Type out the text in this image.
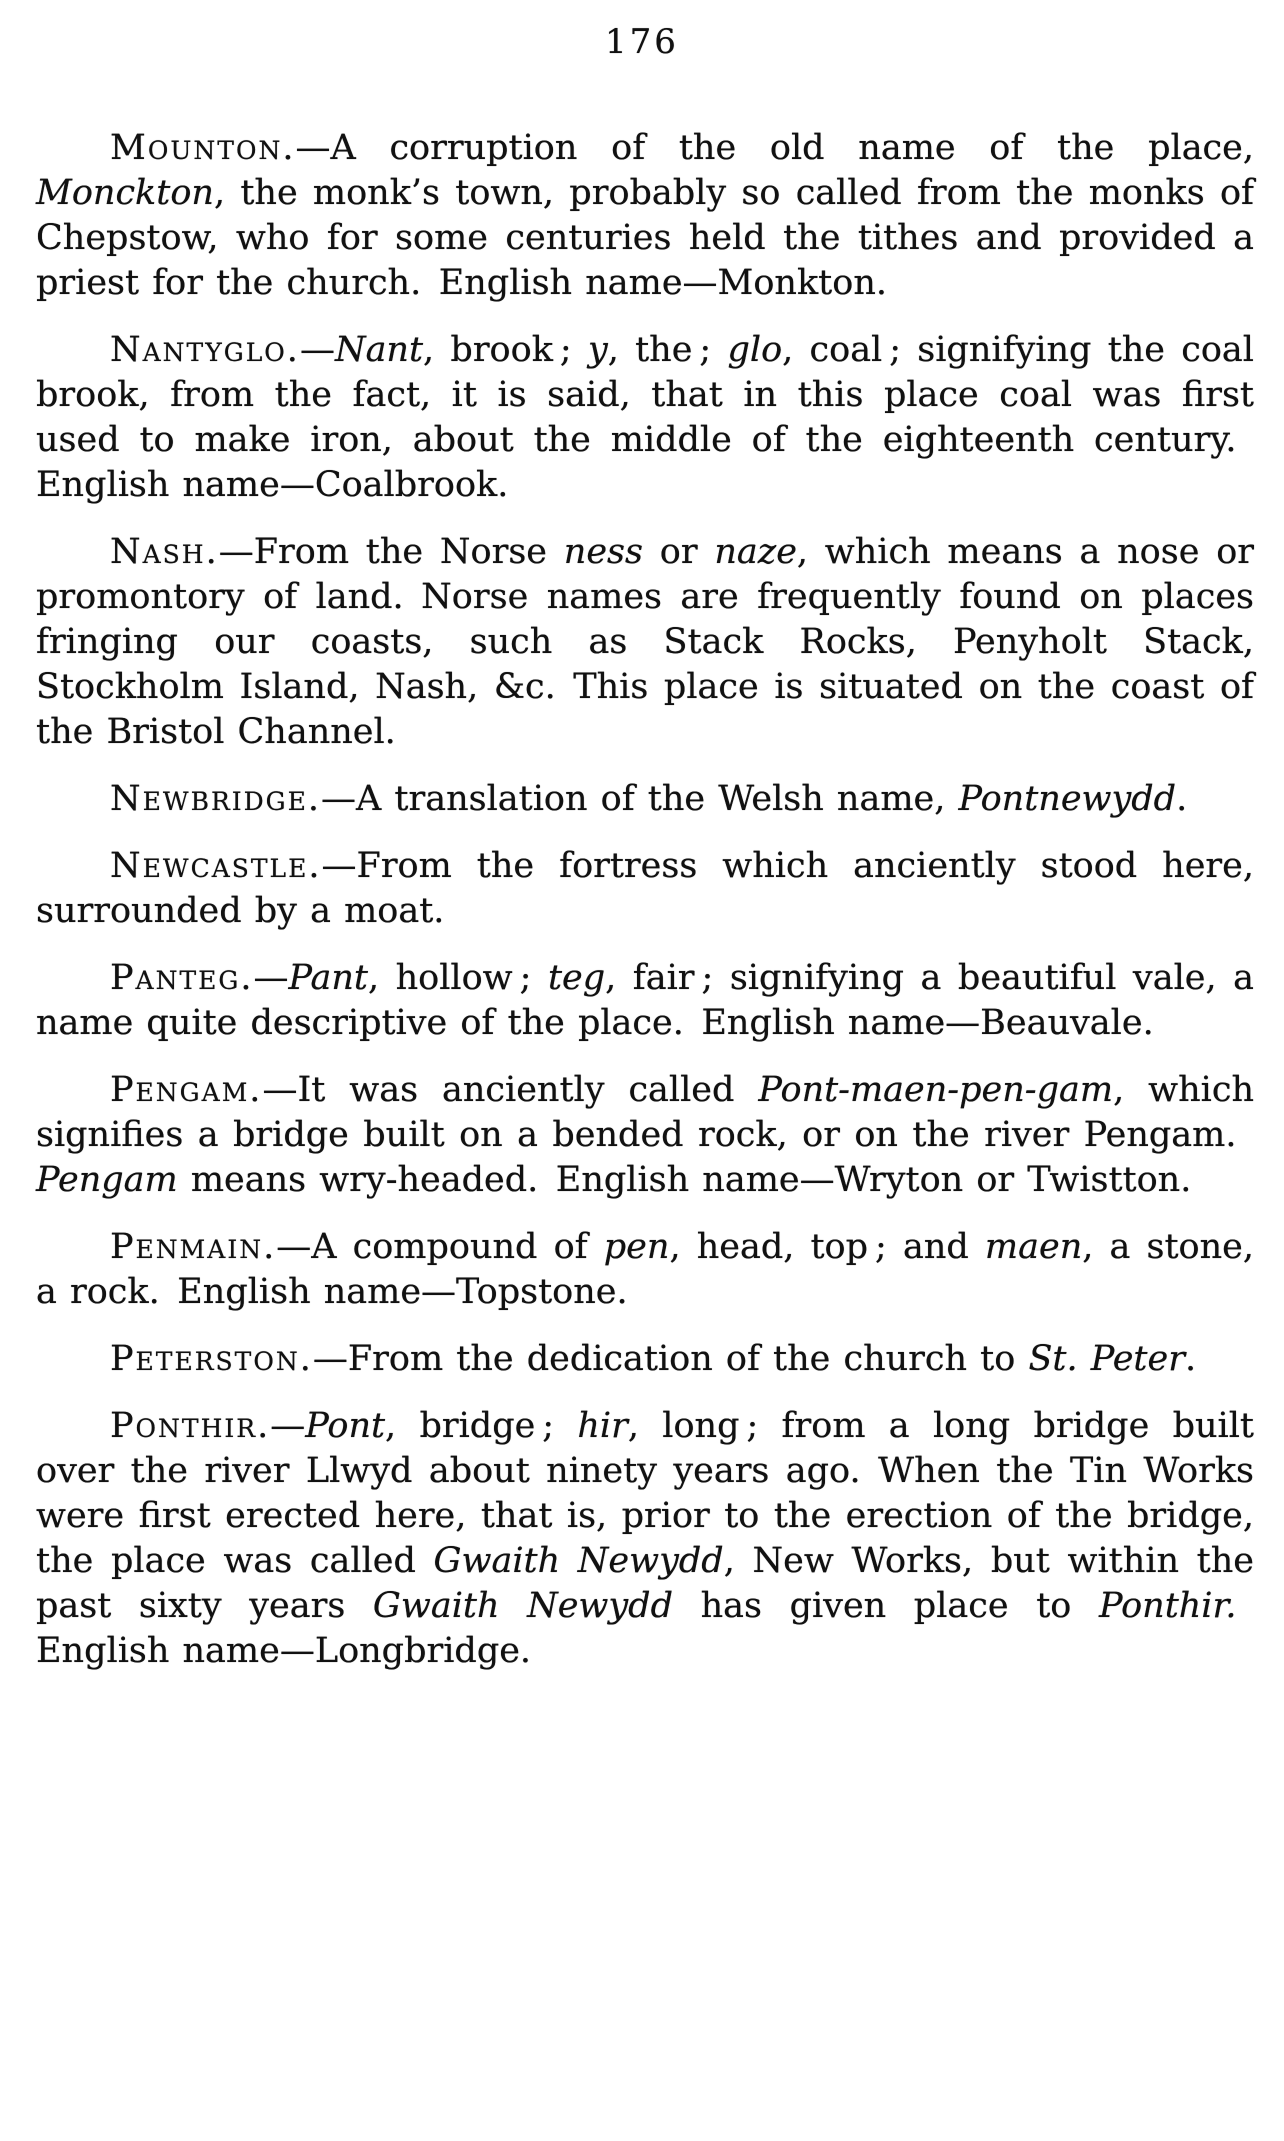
176

Mounton.—A corruption of the old name of the place, Monckton, the monk’s town, probably so called from the monks of Chepstow, who for some centuries held the tithes and provided a priest for the church. English name—Monkton.

Nantyglo.—Nant, brook ; y, the ; glo, coal ; signifying the coal brook, from the fact, it is said, that in this place coal was first used to make iron, about the middle of the eighteenth century. English name—Coalbrook.

Nash.—From the Norse ness or naze, which means a nose or promontory of land. Norse names are frequently found on places fringing our coasts, such as Stack Rocks, Penyholt Stack, Stockholm Island, Nash, &c. This place is situated on the coast of the Bristol Channel.

Newbridge.—A translation of the Welsh name, Pontnewydd.

Newcastle.—From the fortress which anciently stood here, surrounded by a moat.

Panteg.—Pant, hollow ; teg, fair ; signifying a beautiful vale, a name quite descriptive of the place. English name—Beauvale.

Pengam.—It was anciently called Pont-maen-pen-gam, which signifies a bridge built on a bended rock, or on the river Pengam. Pengam means wry-headed. English name—Wryton or Twistton.

Penmain.—A compound of pen, head, top ; and maen, a stone, a rock. English name—Topstone.

Peterston.—From the dedication of the church to St. Peter.

Ponthir.—Pont, bridge ; hir, long ; from a long bridge built over the river Llwyd about ninety years ago. When the Tin Works were first erected here, that is, prior to the erection of the bridge, the place was called Gwaith Newydd, New Works, but within the past sixty years Gwaith Newydd has given place to Ponthir. English name—Longbridge.
